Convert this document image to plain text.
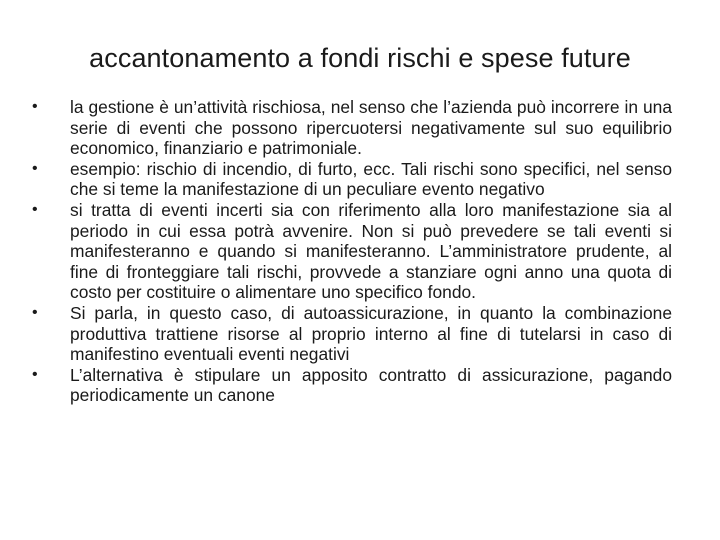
accantonamento a fondi rischi e spese future
•	la gestione è un’attività rischiosa, nel senso che l’azienda può incorrere in una serie di eventi che possono ripercuotersi negativamente sul suo equilibrio economico, finanziario e patrimoniale.
•	esempio: rischio di incendio, di furto, ecc. Tali rischi sono specifici, nel senso che si teme la manifestazione di un peculiare evento negativo
•	si tratta di eventi incerti sia con riferimento alla loro manifestazione sia al periodo in cui essa potrà avvenire. Non si può prevedere se tali eventi si manifesteranno e quando si manifesteranno. L’amministratore prudente, al fine di fronteggiare tali rischi, provvede a stanziare ogni anno una quota di costo per costituire o alimentare uno specifico fondo.
•	Si parla, in questo caso, di autoassicurazione, in quanto la combinazione produttiva trattiene risorse al proprio interno al fine di tutelarsi in caso di manifestino eventuali eventi negativi
•	L’alternativa è stipulare un apposito contratto di assicurazione, pagando periodicamente un canone
